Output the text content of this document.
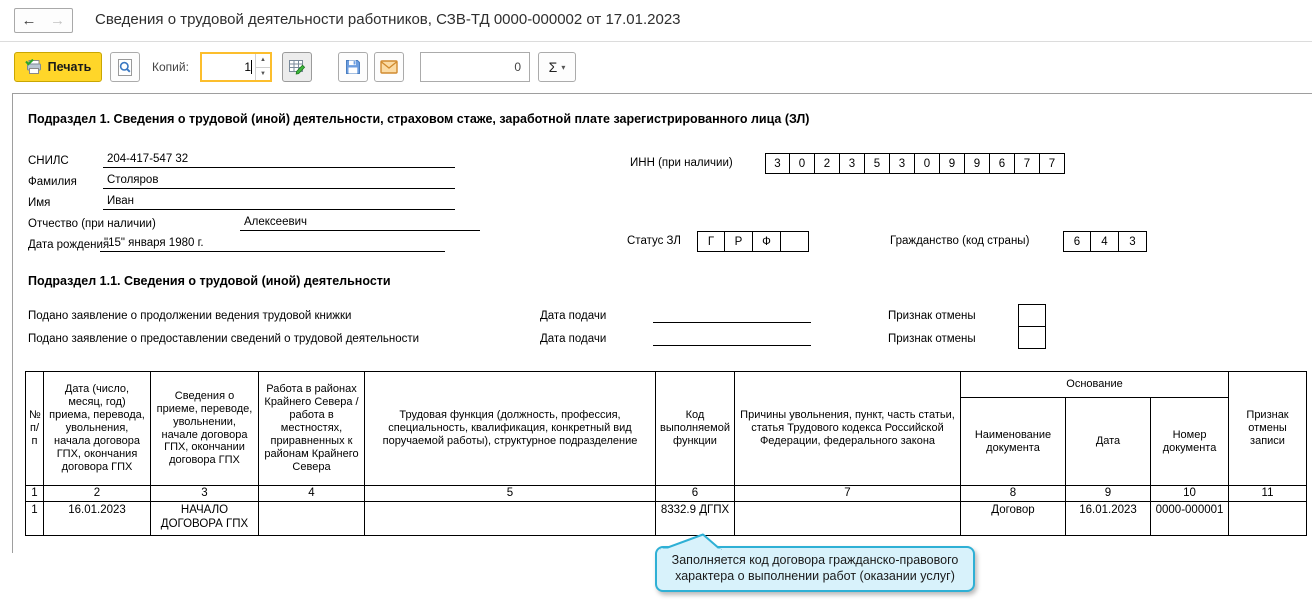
← → Сведения о трудовой деятельности работников, СЗВ-ТД 0000-000002 от 17.01.2023
Печать	Копий:	1	▲
▼	0 Σ ▾
Подраздел 1. Сведения о трудовой (иной) деятельности, страховом стаже, заработной плате зарегистрированного лица (ЗЛ)
СНИЛС	204-417-547 32
Фамилия	Столяров
Имя	Иван
Отчество (при наличии)	Алексеевич
Дата рождения
"15" января 1980 г.
ИНН (при наличии)	3	0	2	3	5	3	0	9	9	6	7	7
Статус ЗЛ	Г	Р	Ф	Гражданство (код страны)	6	4	3
Подраздел 1.1. Сведения о трудовой (иной) деятельности
Подано заявление о продолжении ведения трудовой книжки	Дата подачи	Признак отмены
Подано заявление о предоставлении сведений о трудовой деятельности	Дата подачи	Признак отмены
№ п/п	Дата (число, месяц, год) приема, перевода, увольнения, начала договора ГПХ, окончания договора ГПХ	Сведения о приеме, переводе, увольнении, начале договора ГПХ, окончании договора ГПХ	Работа в районах Крайнего Севера / работа в местностях, приравненных к районам Крайнего Севера	Трудовая функция (должность, профессия, специальность, квалификация, конкретный вид поручаемой работы), структурное подразделение	Код выполняемой функции	Причины увольнения, пункт, часть статьи, статья Трудового кодекса Российской Федерации, федерального закона	Основание			Признак отмены записи
							Наименование документа	Дата	Номер документа	
1	2	3	4	5	6	7	8	9	10	11
1	16.01.2023	НАЧАЛО ДОГОВОРА ГПХ			8332.9 ДГПХ		Договор	16.01.2023	0000-000001	
Заполняется код договора гражданско-правового характера о выполнении работ (оказании услуг)
